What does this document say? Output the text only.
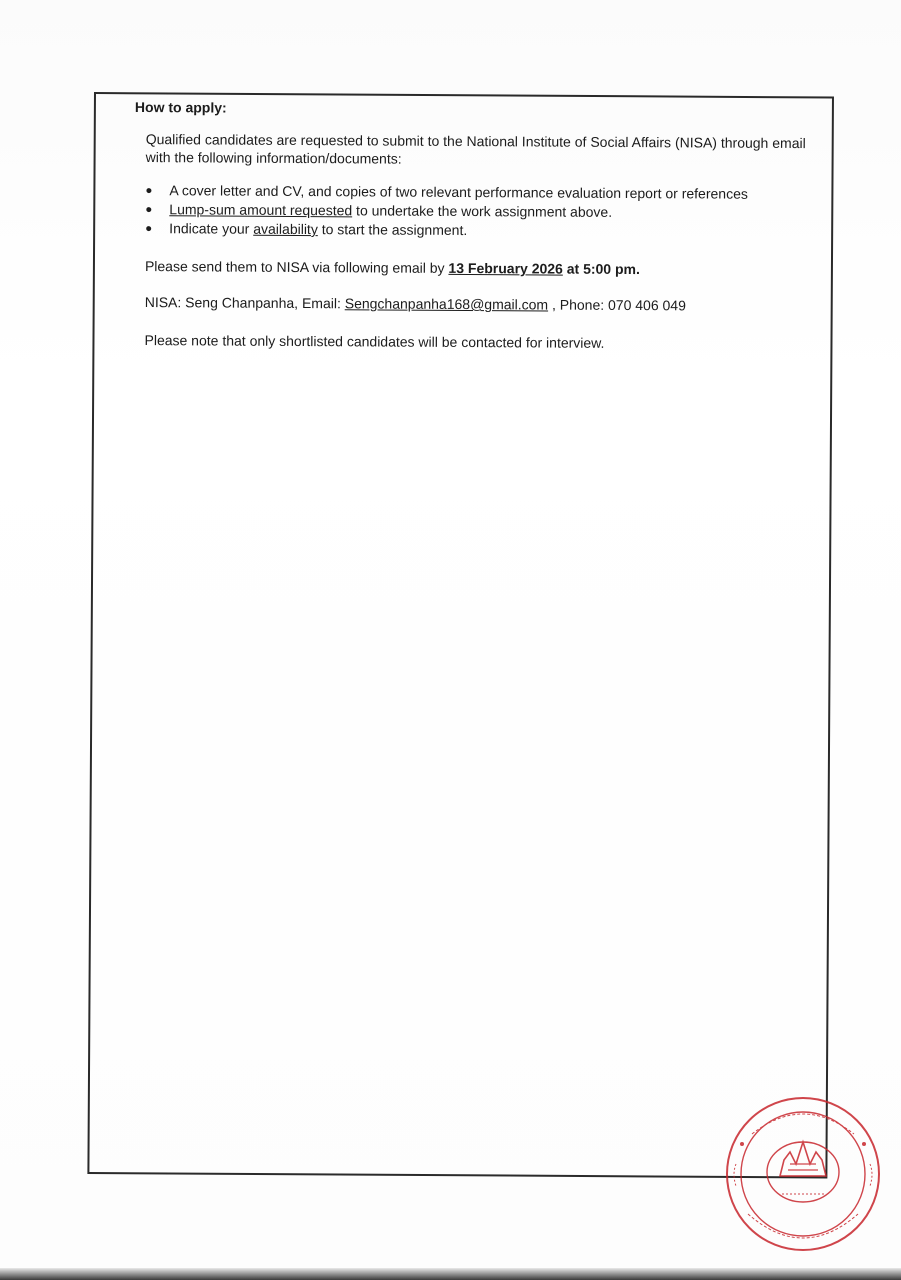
How to apply:
Qualified candidates are requested to submit to the National Institute of Social Affairs (NISA) through email with the following information/documents:
A cover letter and CV, and copies of two relevant performance evaluation report or references
Lump-sum amount requested to undertake the work assignment above.
Indicate your availability to start the assignment.
Please send them to NISA via following email by 13 February 2026 at 5:00 pm.
NISA: Seng Chanpanha, Email: Sengchanpanha168@gmail.com , Phone: 070 406 049
Please note that only shortlisted candidates will be contacted for interview.
